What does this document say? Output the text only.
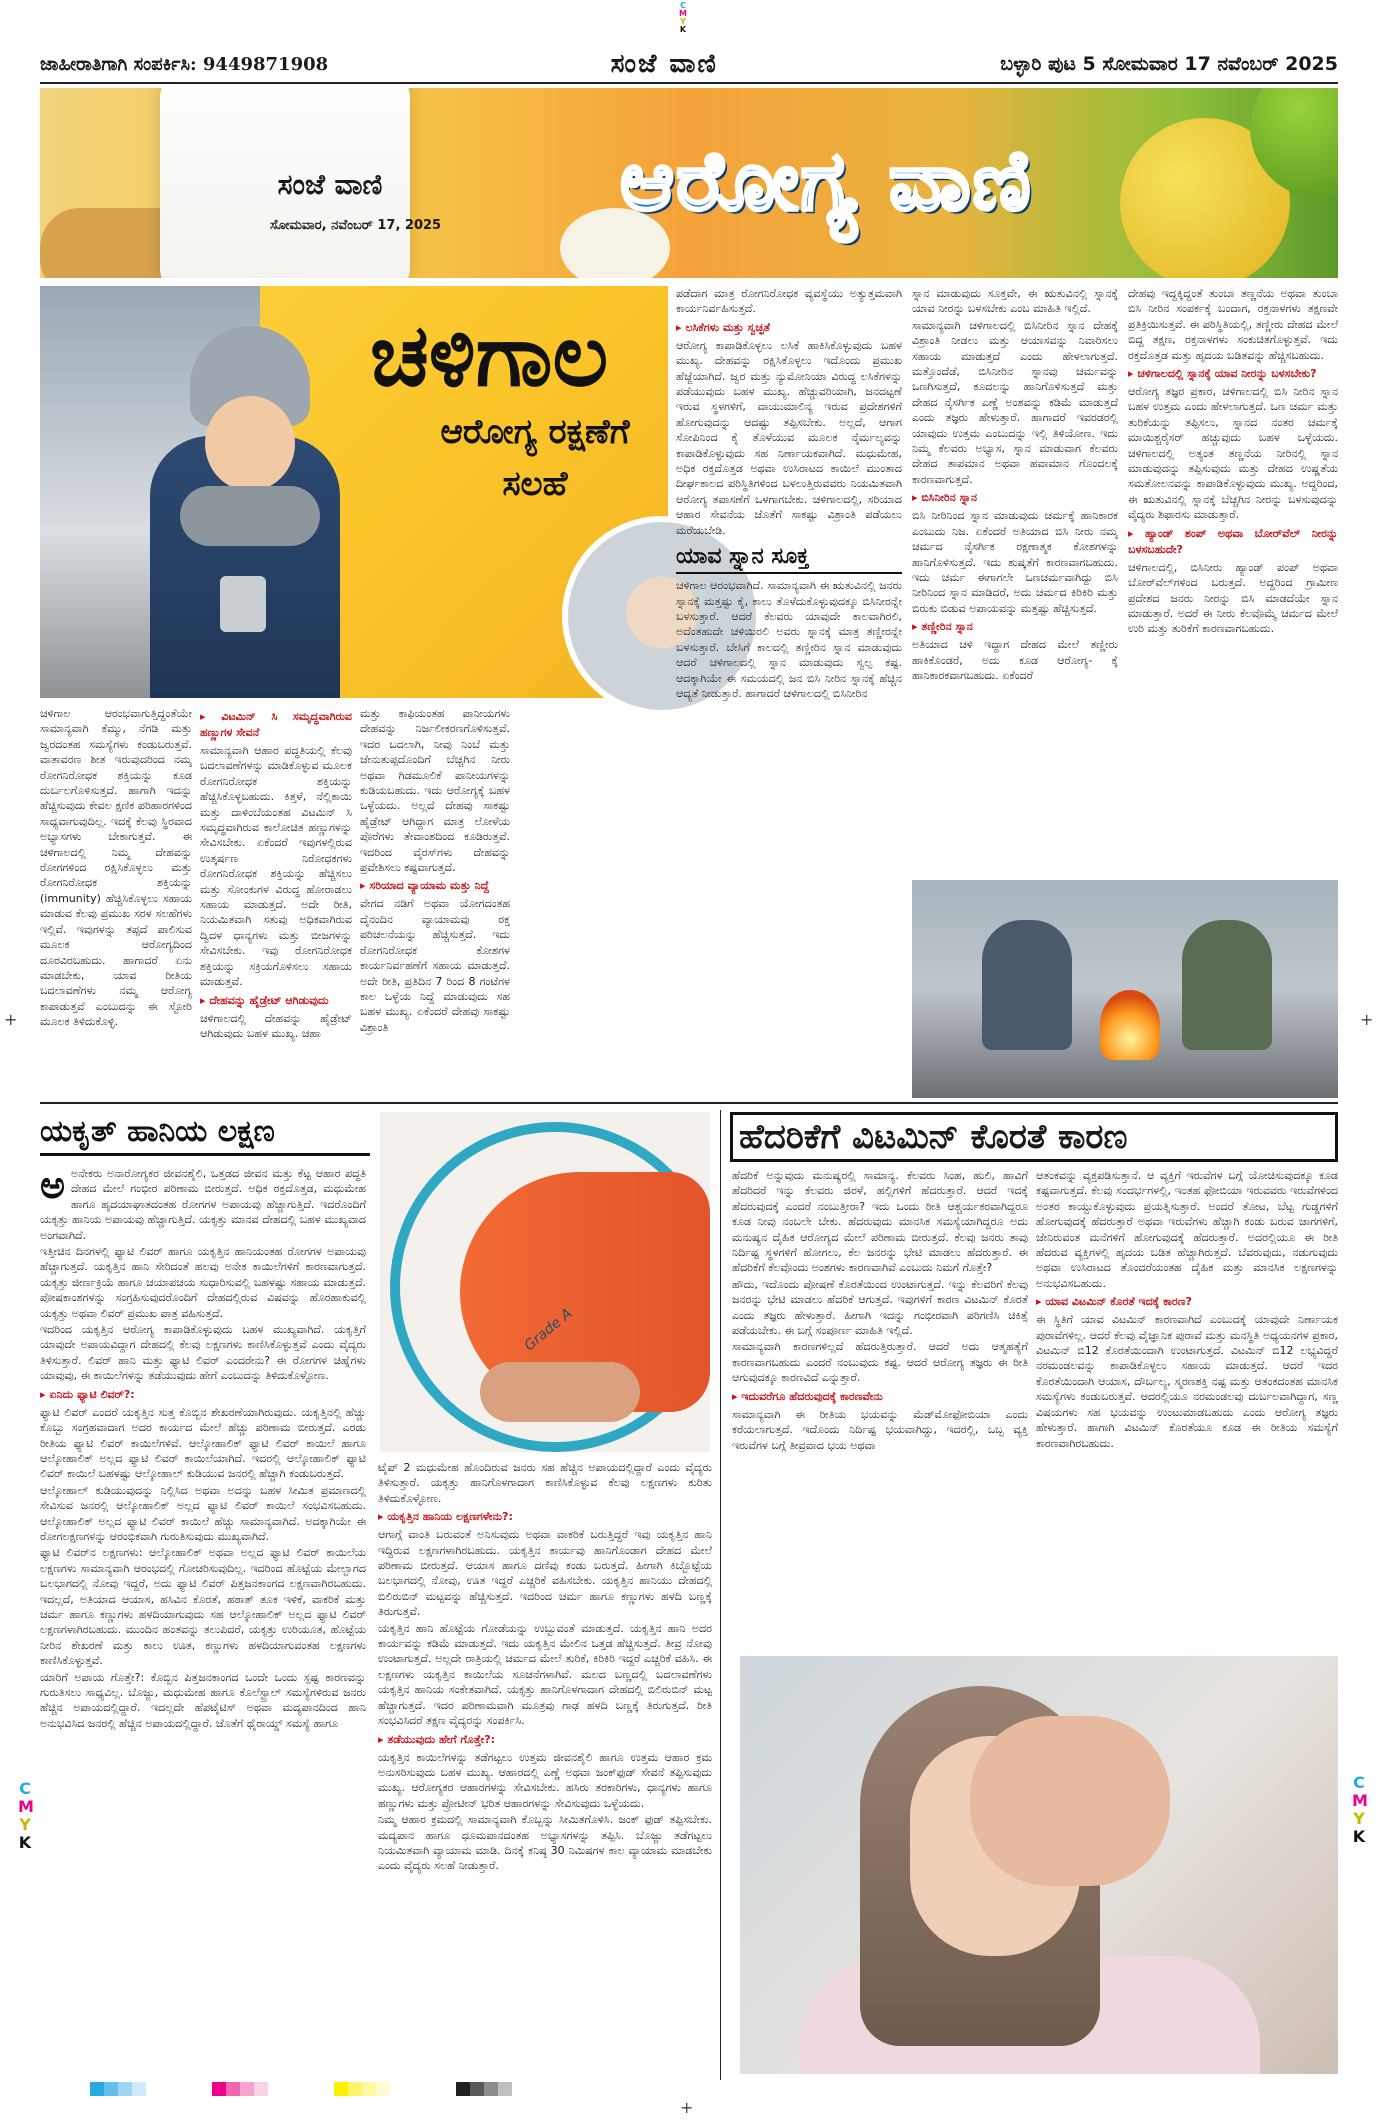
C
M
Y
K
C
M
Y
K
C
M
Y
K
+	+
+
ಜಾಹೀರಾತಿಗಾಗಿ ಸಂಪರ್ಕಿಸಿ: 9449871908	ಸಂಜೆ ವಾಣಿ	ಬಳ್ಳಾರಿ ಪುಟ 5 ಸೋಮವಾರ 17 ನವೆಂಬರ್ 2025
ಸಂಜೆ ವಾಣಿ
ಸೋಮವಾರ, ನವೆಂಬರ್ 17, 2025 ಆರೋಗ್ಯ ವಾಣಿ
ಚಳಿಗಾಲ
ಆರೋಗ್ಯ ರಕ್ಷಣೆಗೆ ಸಲಹೆ

ಚಳಿಗಾಲ ಆರಂಭವಾಗುತ್ತಿದ್ದಂತೆಯೇ ಸಾಮಾನ್ಯವಾಗಿ ಕೆಮ್ಮು, ನೆಗಡಿ ಮತ್ತು ಜ್ವರದಂತಹ ಸಮಸ್ಯೆಗಳು ಕಂಡುಬರುತ್ತವೆ. ವಾತಾವರಣ ಶೀತ ಇರುವುದರಿಂದ ನಮ್ಮ ರೋಗನಿರೋಧಕ ಶಕ್ತಿಯನ್ನು ಕೂಡ ದುರ್ಬಲಗೊಳಿಸುತ್ತದೆ. ಹಾಗಾಗಿ ಇದನ್ನು ಹೆಚ್ಚಿಸುವುದು ಕೇವಲ ಕ್ಷಣಿಕ ಪರಿಹಾರಗಳಿಂದ ಸಾಧ್ಯವಾಗುವುದಿಲ್ಲ. ಇದಕ್ಕೆ ಕೆಲವು ಸ್ಥಿರವಾದ ಅಭ್ಯಾಸಗಳು ಬೇಕಾಗುತ್ತವೆ. ಈ ಚಳಿಗಾಲದಲ್ಲಿ ನಿಮ್ಮ ದೇಹವನ್ನು ರೋಗಗಳಿಂದ ರಕ್ಷಿಸಿಕೊಳ್ಳಲು ಮತ್ತು ರೋಗನಿರೋಧಕ ಶಕ್ತಿಯನ್ನು (immunity) ಹೆಚ್ಚಿಸಿಕೊಳ್ಳಲು ಸಹಾಯ ಮಾಡುವ ಕೆಲವು ಪ್ರಮುಖ ಸರಳ ಸಲಹೆಗಳು ಇಲ್ಲಿವೆ. ಇವುಗಳನ್ನು ತಪ್ಪದೆ ಪಾಲಿಸುವ ಮೂಲಕ ಆರೋಗ್ಯದಿಂದ ದೂರವಿರಬಹುದು. ಹಾಗಾದರೆ ಏನು ಮಾಡಬೇಕು, ಯಾವ ರೀತಿಯ ಬದಲಾವಣೆಗಳು ನಮ್ಮ ಆರೋಗ್ಯ ಕಾಪಾಡುತ್ತವೆ ಎಂಬುದನ್ನು ಈ ಸ್ಟೋರಿ ಮೂಲಕ ತಿಳಿದುಕೊಳ್ಳಿ.

▸ ವಿಟಮಿನ್ ಸಿ ಸಮೃದ್ಧವಾಗಿರುವ ಹಣ್ಣುಗಳ ಸೇವನೆ

ಸಾಮಾನ್ಯವಾಗಿ ಆಹಾರ ಪದ್ಧತಿಯಲ್ಲಿ ಕೆಲವು ಬದಲಾವಣೆಗಳನ್ನು ಮಾಡಿಕೊಳ್ಳುವ ಮೂಲಕ ರೋಗನಿರೋಧಕ ಶಕ್ತಿಯನ್ನು ಹೆಚ್ಚಿಸಿಕೊಳ್ಳಬಹುದು. ಕಿತ್ತಳೆ, ನೆಲ್ಲಿಕಾಯಿ ಮತ್ತು ದಾಳಿಂಬೆಯಂತಹ ವಿಟಮಿನ್ ಸಿ ಸಮೃದ್ಧವಾಗಿರುವ ಕಾಲೋಚಿತ ಹಣ್ಣುಗಳನ್ನು ಸೇವಿಸಬೇಕು. ಏಕೆಂದರೆ ಇವುಗಳಲ್ಲಿರುವ ಉತ್ಕರ್ಷಣ ನಿರೋಧಕಗಳು ರೋಗನಿರೋಧಕ ಶಕ್ತಿಯನ್ನು ಹೆಚ್ಚಿಸಲು ಮತ್ತು ಸೋಂಕುಗಳ ವಿರುದ್ಧ ಹೋರಾಡಲು ಸಹಾಯ ಮಾಡುತ್ತದೆ. ಅದೇ ರೀತಿ, ನಿಯಮಿತವಾಗಿ ಸತುವು ಅಧಿಕವಾಗಿರುವ ದ್ವಿದಳ ಧಾನ್ಯಗಳು ಮತ್ತು ಬೀಜಗಳನ್ನು ಸೇವಿಸಬೇಕು. ಇವು ರೋಗನಿರೋಧಕ ಶಕ್ತಿಯನ್ನು ಸಕ್ರಿಯಗೊಳಿಸಲು ಸಹಾಯ ಮಾಡುತ್ತವೆ.

▸ ದೇಹವನ್ನು ಹೈಡ್ರೇಟ್ ಆಗಿಡುವುದು

ಚಳಿಗಾಲದಲ್ಲಿ ದೇಹವನ್ನು ಹೈಡ್ರೇಟ್ ಆಗಿಡುವುದು ಬಹಳ ಮುಖ್ಯ. ಚಹಾ

ಮತ್ತು ಕಾಫಿಯಂತಹ ಪಾನೀಯಗಳು ದೇಹವನ್ನು ನಿರ್ಜಲೀಕರಣಗೊಳಿಸುತ್ತವೆ. ಇದರ ಬದಲಾಗಿ, ನೀವು ನಿಂಬೆ ಮತ್ತು ಜೇನುತುಪ್ಪದೊಂದಿಗೆ ಬೆಚ್ಚಗಿನ ನೀರು ಅಥವಾ ಗಿಡಮೂಲಿಕೆ ಪಾನೀಯಗಳನ್ನು ಕುಡಿಯಬಹುದು. ಇದು ಆರೋಗ್ಯಕ್ಕೆ ಬಹಳ ಒಳ್ಳೆಯದು. ಅಲ್ಲದೆ ದೇಹವು ಸಾಕಷ್ಟು ಹೈಡ್ರೇಟ್ ಆಗಿದ್ದಾಗ ಮಾತ್ರ ಲೋಳೆಯ ಪೊರೆಗಳು ತೇವಾಂಶದಿಂದ ಕೂಡಿರುತ್ತವೆ. ಇದರಿಂದ ವೈರಸ್‌ಗಳು ದೇಹವನ್ನು ಪ್ರವೇಶಿಸಲು ಕಷ್ಟವಾಗುತ್ತದೆ.

▸ ಸರಿಯಾದ ವ್ಯಾಯಾಮ ಮತ್ತು ನಿದ್ದೆ

ವೇಗದ ನಡಿಗೆ ಅಥವಾ ಯೋಗದಂತಹ ದೈನಂದಿನ ವ್ಯಾಯಾಮವು ರಕ್ತ ಪರಿಚಲನೆಯನ್ನು ಹೆಚ್ಚಿಸುತ್ತದೆ. ಇದು ರೋಗನಿರೋಧಕ ಕೋಶಗಳ ಕಾರ್ಯನಿರ್ವಹಣೆಗೆ ಸಹಾಯ ಮಾಡುತ್ತದೆ. ಅದೇ ರೀತಿ, ಪ್ರತಿದಿನ 7 ರಿಂದ 8 ಗಂಟೆಗಳ ಕಾಲ ಒಳ್ಳೆಯ ನಿದ್ದೆ ಮಾಡುವುದು ಸಹ ಬಹಳ ಮುಖ್ಯ. ಏಕೆಂದರೆ ದೇಹವು ಸಾಕಷ್ಟು ವಿಶ್ರಾಂತಿ

ಪಡೆದಾಗ ಮಾತ್ರ ರೋಗನಿರೋಧಕ ವ್ಯವಸ್ಥೆಯು ಅತ್ಯುತ್ತಮವಾಗಿ ಕಾರ್ಯನಿರ್ವಹಿಸುತ್ತದೆ.

▸ ಲಸಿಕೆಗಳು ಮತ್ತು ಸ್ವಚ್ಛತೆ

ಆರೋಗ್ಯ ಕಾಪಾಡಿಕೊಳ್ಳಲು ಲಸಿಕೆ ಹಾಕಿಸಿಕೊಳ್ಳುವುದು ಬಹಳ ಮುಖ್ಯ. ದೇಹವನ್ನು ರಕ್ಷಿಸಿಕೊಳ್ಳಲು ಇದೊಂದು ಪ್ರಮುಖ ಹೆಜ್ಜೆಯಾಗಿದೆ. ಜ್ವರ ಮತ್ತು ನ್ಯುಮೋನಿಯಾ ವಿರುದ್ಧ ಲಸಿಕೆಗಳನ್ನು ಪಡೆಯುವುದು ಬಹಳ ಮುಖ್ಯ. ಹೆಚ್ಚುವರಿಯಾಗಿ, ಜನದಟ್ಟಣೆ ಇರುವ ಸ್ಥಳಗಳಿಗೆ, ವಾಯುಮಾಲಿನ್ಯ ಇರುವ ಪ್ರದೇಶಗಳಿಗೆ ಹೋಗುವುದನ್ನು ಆದಷ್ಟು ತಪ್ಪಿಸಬೇಕು. ಅಲ್ಲದೆ, ಆಗಾಗ ಸೋಪಿನಿಂದ ಕೈ ತೊಳೆಯುವ ಮೂಲಕ ನೈರ್ಮಲ್ಯವನ್ನು ಕಾಪಾಡಿಕೊಳ್ಳುವುದು ಸಹ ನಿರ್ಣಾಯಕವಾಗಿದೆ. ಮಧುಮೇಹ, ಅಧಿಕ ರಕ್ತದೊತ್ತಡ ಅಥವಾ ಉಸಿರಾಟದ ಕಾಯಿಲೆ ಮುಂತಾದ ದೀರ್ಘಕಾಲದ ಪರಿಸ್ಥಿತಿಗಳಿಂದ ಬಳಲುತ್ತಿರುವವರು ನಿಯಮಿತವಾಗಿ ಆರೋಗ್ಯ ತಪಾಸಣೆಗೆ ಒಳಗಾಗಬೇಕು. ಚಳಿಗಾಲದಲ್ಲಿ, ಸರಿಯಾದ ಆಹಾರ ಸೇವನೆಯ ಜೊತೆಗೆ ಸಾಕಷ್ಟು ವಿಶ್ರಾಂತಿ ಪಡೆಯಲು ಮರೆಯಬೇಡಿ.

ಯಾವ ಸ್ನಾನ ಸೂಕ್ತ

ಚಳಿಗಾಲ ಆರಂಭವಾಗಿದೆ. ಸಾಮಾನ್ಯವಾಗಿ ಈ ಋತುವಿನಲ್ಲಿ ಜನರು ಸ್ನಾನಕ್ಕೆ ಮತ್ತಷ್ಟು ಕೈ, ಕಾಲು ತೊಳೆದುಕೊಳ್ಳುವುದಕ್ಕೂ ಬಿಸಿನೀರನ್ನೇ ಬಳಸುತ್ತಾರೆ. ಆದರೆ ಕೆಲವರು ಯಾವುದೇ ಕಾಲವಾಗಿರಲಿ, ಅದೆಂತಹುದೇ ಚಳಿಯಿರಲಿ ಅವರು ಸ್ನಾನಕ್ಕೆ ಮಾತ್ರ ತಣ್ಣೀರನ್ನೇ ಬಳಸುತ್ತಾರೆ. ಬೇಸಿಗೆ ಕಾಲದಲ್ಲಿ ತಣ್ಣೀರಿನ ಸ್ನಾನ ಮಾಡುವುದು ಆದರೆ ಚಳಿಗಾಲದಲ್ಲಿ ಸ್ನಾನ ಮಾಡುವುದು ಸ್ವಲ್ಪ ಕಷ್ಟ. ಆದಕ್ಕಾಗಿಯೇ ಈ ಸಮಯದಲ್ಲಿ ಜನ ಬಿಸಿ ನೀರಿನ ಸ್ನಾನಕ್ಕೆ ಹೆಚ್ಚಿನ ಆದ್ಯತೆ ನೀಡುತ್ತಾರೆ. ಹಾಗಾದರೆ ಚಳಿಗಾಲದಲ್ಲಿ ಬಿಸಿನೀರಿನ

ಸ್ನಾನ ಮಾಡುವುದು ಸೂಕ್ತವೇ, ಈ ಋತುವಿನಲ್ಲಿ ಸ್ನಾನಕ್ಕೆ ಯಾವ ನೀರನ್ನು ಬಳಸಬೇಕು ಎಂಬ ಮಾಹಿತಿ ಇಲ್ಲಿದೆ.

ಸಾಮಾನ್ಯವಾಗಿ ಚಳಿಗಾಲದಲ್ಲಿ ಬಿಸಿನೀರಿನ ಸ್ನಾನ ದೇಹಕ್ಕೆ ವಿಶ್ರಾಂತಿ ನೀಡಲು ಮತ್ತು ಆಯಾಸವನ್ನು ನಿವಾರಿಸಲು ಸಹಾಯ ಮಾಡುತ್ತದೆ ಎಂದು ಹೇಳಲಾಗುತ್ತದೆ. ಮತ್ತೊಂದೆಡೆ, ಬಿಸಿನೀರಿನ ಸ್ನಾನವು ಚರ್ಮವನ್ನು ಒಣಗಿಸುತ್ತದೆ, ಕೂದಲನ್ನು ಹಾನಿಗೊಳಿಸುತ್ತದೆ ಮತ್ತು ದೇಹದ ನೈಸರ್ಗಿಕ ಎಣ್ಣೆ ಅಂಶವನ್ನು ಕಡಿಮೆ ಮಾಡುತ್ತದೆ ಎಂದು ತಜ್ಞರು ಹೇಳುತ್ತಾರೆ. ಹಾಗಾದರೆ ಇವರಡರಲ್ಲಿ ಯಾವುದು ಉತ್ತಮ ಎಂಬುದನ್ನು ಇಲ್ಲಿ ತಿಳಿಯೋಣ. ಇದು ನಿಮ್ಮ ಕೆಲವರು ಅಭ್ಯಾಸ, ಸ್ನಾನ ಮಾಡುವಾಗ ಕೆಲವರು ದೇಹದ ತಾಪಮಾನ ಅಥವಾ ಹವಾಮಾನ ಗೊಂದಲಕ್ಕೆ ಕಾರಣವಾಗುತ್ತದೆ.

▸ ಬಿಸಿನೀರಿನ ಸ್ನಾನ

ಬಿಸಿ ನೀರಿನಿಂದ ಸ್ನಾನ ಮಾಡುವುದು ಚರ್ಮಕ್ಕೆ ಹಾನಿಕಾರಕ ಎಂಬುದು ನಿಜ. ಏಕೆಂದರೆ ಅತಿಯಾದ ಬಿಸಿ ನೀರು ನಮ್ಮ ಚರ್ಮದ ನೈಸರ್ಗಿಕ ರಕ್ಷಣಾತ್ಮಕ ಕೋಶಗಳನ್ನು ಹಾನಿಗೊಳಿಸುತ್ತದೆ. ಇದು ಶುಷ್ಕತೆಗೆ ಕಾರಣವಾಗಬಹುದು. ಇದು ಚರ್ಮ ಈಗಾಗಲೇ ಒಣಚರ್ಮವಾಗಿದ್ದು ಬಿಸಿ ನೀರಿನಿಂದ ಸ್ನಾನ ಮಾಡಿದರೆ, ಅದು ಚರ್ಮದ ಕಿರಿಕಿರಿ ಮತ್ತು ಬಿರುಕು ಬಿಡುವ ಅಪಾಯವನ್ನು ಮತ್ತಷ್ಟು ಹೆಚ್ಚಿಸುತ್ತದೆ.

▸ ತಣ್ಣೀರಿನ ಸ್ನಾನ

ಅತಿಯಾದ ಚಳಿ ಇದ್ದಾಗ ದೇಹದ ಮೇಲೆ ತಣ್ಣೀರು ಹಾಕಿಕೊಂಡರೆ, ಅದು ಕೂಡ ಆರೋಗ್ಯ- ಕ್ಕೆ ಹಾನಿಕಾರಕವಾಗಬಹುದು. ಏಕೆಂದರೆ

ದೇಹವು ಇದ್ದಕ್ಕಿದ್ದಂತೆ ತುಂಬಾ ತಣ್ಣನೆಯ ಅಥವಾ ತುಂಬಾ ಬಿಸಿ ನೀರಿನ ಸಂಪರ್ಕಕ್ಕೆ ಬಂದಾಗ, ರಕ್ತನಾಳಗಳು ತಕ್ಷಣವೇ ಪ್ರತಿಕ್ರಿಯಿಸುತ್ತವೆ. ಈ ಪರಿಸ್ಥಿತಿಯಲ್ಲಿ, ತಣ್ಣೀರು ದೇಹದ ಮೇಲೆ ಬಿದ್ದ ತಕ್ಷಣ, ರಕ್ತನಾಳಗಳು ಸಂಕುಚಿತಗೊಳ್ಳುತ್ತವೆ. ಇದು ರಕ್ತದೊತ್ತಡ ಮತ್ತು ಹೃದಯ ಬಡಿತವನ್ನು ಹೆಚ್ಚಿಸಬಹುದು.

▸ ಚಳಿಗಾಲದಲ್ಲಿ ಸ್ನಾನಕ್ಕೆ ಯಾವ ನೀರನ್ನು ಬಳಸಬೇಕು?

ಆರೋಗ್ಯ ತಜ್ಞರ ಪ್ರಕಾರ, ಚಳಿಗಾಲದಲ್ಲಿ ಬಿಸಿ ನೀರಿನ ಸ್ನಾನ ಬಹಳ ಉತ್ತಮ ಎಂದು ಹೇಳಲಾಗುತ್ತದೆ. ಒಣ ಚರ್ಮ ಮತ್ತು ತುರಿಕೆಯನ್ನು ತಪ್ಪಿಸಲು, ಸ್ನಾನದ ನಂತರ ಚರ್ಮಕ್ಕೆ ಮಾಯಿಶ್ಚರೈಸರ್ ಹಚ್ಚುವುದು ಬಹಳ ಒಳ್ಳೆಯದು. ಚಳಿಗಾಲದಲ್ಲಿ ಅತ್ಯಂತ ತಣ್ಣನೆಯ ನೀರಿನಲ್ಲಿ ಸ್ನಾನ ಮಾಡುವುದನ್ನು ತಪ್ಪಿಸುವುದು ಮತ್ತು ದೇಹದ ಉಷ್ಣತೆಯ ಸಮತೋಲನವನ್ನು ಕಾಪಾಡಿಕೊಳ್ಳುವುದು ಮುಖ್ಯ. ಅದ್ದರಿಂದ, ಈ ಋತುವಿನಲ್ಲಿ ಸ್ನಾನಕ್ಕೆ ಬೆಚ್ಚಗಿನ ನೀರನ್ನು ಬಳಸುವುದನ್ನು ವೈದ್ಯರು ಶಿಫಾರಸು ಮಾಡುತ್ತಾರೆ.

▸ ಹ್ಯಾಂಡ್ ಶಂಪ್ ಅಥವಾ ಬೋರ್‌ವೆಲ್ ನೀರನ್ನು ಬಳಸಬಹುದೇ?

ಚಳಿಗಾಲದಲ್ಲಿ, ಬಿಸಿನೀರು ಹ್ಯಾಂಡ್ ಪಂಪ್ ಅಥವಾ ಬೋರ್‌ವೆಲ್‌ಗಳಿಂದ ಬರುತ್ತದೆ. ಅದ್ದರಿಂದ ಗ್ರಾಮೀಣ ಪ್ರದೇಶದ ಜನರು ನೀರನ್ನು ಬಿಸಿ ಮಾಡದೆಯೇ ಸ್ನಾನ ಮಾಡುತ್ತಾರೆ. ಅದರೆ ಈ ನೀರು ಕೆಲವೊಮ್ಮೆ ಚರ್ಮದ ಮೇಲೆ ಉರಿ ಮತ್ತು ತುರಿಕೆಗೆ ಕಾರಣವಾಗಬಹುದು.

ಯಕೃತ್ ಹಾನಿಯ ಲಕ್ಷಣ
Grade A

ಅಅನೇಕರು ಅನಾರೋಗ್ಯಕರ ಜೀವನಶೈಲಿ, ಒತ್ತಡದ ಜೀವನ ಮತ್ತು ಕೆಟ್ಟ ಆಹಾರ ಪದ್ಧತಿ ದೇಹದ ಮೇಲೆ ಗಂಭೀರ ಪರಿಣಾಮ ಬೀರುತ್ತದೆ. ಅಧಿಕ ರಕ್ತದೊತ್ತಡ, ಮಧುಮೇಹ ಹಾಗೂ ಹೃದಯಾಘಾತದಂತಹ ರೋಗಗಳ ಅಪಾಯವು ಹೆಚ್ಚಾಗುತ್ತಿದೆ. ಇದರೊಂದಿಗೆ ಯಕೃತ್ತು ಹಾನಿಯ ಅಪಾಯವು ಹೆಚ್ಚಾಗುತ್ತಿದೆ. ಯಕೃತ್ತು ಮಾನವ ದೇಹದಲ್ಲಿ ಬಹಳ ಮುಖ್ಯವಾದ ಅಂಗವಾಗಿದೆ.

ಇತ್ತೀಚಿನ ದಿನಗಳಲ್ಲಿ ಫ್ಯಾಟಿ ಲಿವರ್ ಹಾಗೂ ಯಕೃತ್ತಿನ ಹಾನಿಯಂತಹ ರೋಗಗಳ ಅಪಾಯವು ಹೆಚ್ಚಾಗುತ್ತದೆ. ಯಕೃತ್ತಿನ ಹಾನಿ ಸೇರಿದಂತೆ ಹಲವು ಅನೇಕ ಕಾಯಿಲೆಗಳಿಗೆ ಕಾರಣವಾಗುತ್ತದೆ. ಯಕೃತ್ತು ಜೀರ್ಣಕ್ರಿಯೆ ಹಾಗೂ ಚಯಾಪಚಯ ಸುಧಾರಿಸುವಲ್ಲಿ ಬಹಳಷ್ಟು ಸಹಾಯ ಮಾಡುತ್ತದೆ. ಪೋಷಕಾಂಶಗಳನ್ನು ಸಂಗ್ರಹಿಸುವುದರೊಂದಿಗೆ ದೇಹದಲ್ಲಿರುವ ವಿಷವನ್ನು ಹೊರಹಾಕುವಲ್ಲಿ ಯಕೃತ್ತು ಅಥವಾ ಲಿವರ್ ಪ್ರಮುಖ ಪಾತ್ರ ವಹಿಸುತ್ತದೆ.

ಇದರಿಂದ ಯಕೃತ್ತಿನ ಆರೋಗ್ಯ ಕಾಪಾಡಿಕೊಳ್ಳುವುದು ಬಹಳ ಮುಖ್ಯವಾಗಿದೆ. ಯಕೃತ್ತಿಗೆ ಯಾವುದೇ ಅಪಾಯವಿದ್ದಾಗ ದೇಹದಲ್ಲಿ ಕೆಲವು ಲಕ್ಷಣಗಳು ಕಾಣಿಸಿಕೊಳ್ಳುತ್ತವೆ ಎಂದು ವೈದ್ಯರು ತಿಳಿಸುತ್ತಾರೆ. ಲಿವರ್ ಹಾನಿ ಮತ್ತು ಫ್ಯಾಟಿ ಲಿವರ್ ಎಂದರೇನು? ಈ ರೋಗಗಳ ಚಿಹ್ನೆಗಳು ಯಾವುವು, ಈ ಕಾಯಿಲೆಗಳನ್ನು ತಡೆಯುವುದು ಹೇಗೆ ಎಂಬುದನ್ನು ತಿಳಿದುಕೊಳ್ಳೋಣ.

▸ ಏನಿದು ಫ್ಯಾಟಿ ಲಿವರ್?:

ಫ್ಯಾಟಿ ಲಿವರ್ ಎಂದರೆ ಯಕೃತ್ತಿನ ಸುತ್ತ ಕೊಬ್ಬಿನ ಶೇಖರಣೆಯಾಗಿರುವುದು. ಯಕೃತ್ತಿನಲ್ಲಿ ಹೆಚ್ಚು ಕೊಬ್ಬು ಸಂಗ್ರಹವಾದಾಗ ಅದರ ಕಾರ್ಯದ ಮೇಲೆ ಹೆಚ್ಚು ಪರಿಣಾಮ ಬೀರುತ್ತದೆ. ಎರಡು ರೀತಿಯ ಫ್ಯಾಟಿ ಲಿವರ್ ಕಾಯಿಲೆಗಳಿವೆ. ಆಲ್ಕೋಹಾಲಿಕ್ ಫ್ಯಾಟಿ ಲಿವರ್ ಕಾಯಿಲೆ ಹಾಗೂ ಆಲ್ಕೋಹಾಲಿಕ್ ಅಲ್ಲದ ಫ್ಯಾಟಿ ಲಿವರ್ ಕಾಯಿಲೆಯಾಗಿದೆ. ಇದರಲ್ಲಿ ಆಲ್ಕೋಹಾಲಿಕ್ ಫ್ಯಾಟಿ ಲಿವರ್ ಕಾಯಿಲೆ ಬಹಳಷ್ಟು ಆಲ್ಕೋಹಾಲ್ ಕುಡಿಯುವ ಜನರಲ್ಲಿ ಹೆಚ್ಚಾಗಿ ಕಂಡುಬರುತ್ತದೆ.

ಆಲ್ಕೋಹಾಲ್ ಕುಡಿಯುವುದನ್ನು ನಿಲ್ಲಿಸಿದ ಅಥವಾ ಅದನ್ನು ಬಹಳ ಸೀಮಿತ ಪ್ರಮಾಣದಲ್ಲಿ ಸೇವಿಸುವ ಜನರಲ್ಲಿ ಆಲ್ಕೋಹಾಲಿಕ್ ಅಲ್ಲದ ಫ್ಯಾಟಿ ಲಿವರ್ ಕಾಯಿಲೆ ಸಂಭವಿಸಬಹುದು. ಆಲ್ಕೋಹಾಲಿಕ್ ಅಲ್ಲದ ಫ್ಯಾಟಿ ಲಿವರ್ ಕಾಯಿಲೆ ಹೆಚ್ಚು ಸಾಮಾನ್ಯವಾಗಿದೆ. ಅದಕ್ಕಾಗಿಯೇ ಈ ರೋಗಲಕ್ಷಣಗಳನ್ನು ಆರಂಭಿಕವಾಗಿ ಗುರುತಿಸುವುದು ಮುಖ್ಯವಾಗಿದೆ.

ಫ್ಯಾಟಿ ಲಿವರ್‌ನ ಲಕ್ಷಣಗಳು: ಆಲ್ಕೋಹಾಲಿಕ್ ಅಥವಾ ಅಲ್ಲದ ಫ್ಯಾಟಿ ಲಿವರ್ ಕಾಯಿಲೆಯ ಲಕ್ಷಣಗಳು ಸಾಮಾನ್ಯವಾಗಿ ಆರಂಭದಲ್ಲಿ ಗೋಚರಿಸುವುದಿಲ್ಲ. ಇದರಿಂದ ಹೊಟ್ಟೆಯ ಮೇಲ್ಭಾಗದ ಬಲಭಾಗದಲ್ಲಿ ನೋವು ಇದ್ದರೆ, ಅದು ಫ್ಯಾಟಿ ಲಿವರ್ ಪಿತ್ತಜನಕಾಂಗದ ಲಕ್ಷಣವಾಗಿರಬಹುದು. ಇದಲ್ಲದೆ, ಅತಿಯಾದ ಆಯಾಸ, ಹಸಿವಿನ ಕೊರತೆ, ಹಠಾತ್ ತೂಕ ಇಳಿಕೆ, ವಾಕರಿಕೆ ಮತ್ತು ಚರ್ಮ ಹಾಗೂ ಕಣ್ಣುಗಳು ಹಳದಿಯಾಗುವುದು ಸಹ ಆಲ್ಕೋಹಾಲಿಕ್ ಅಲ್ಲದ ಫ್ಯಾಟಿ ಲಿವರ್ ಲಕ್ಷಣಗಳಾಗಿರಬಹುದು. ಮುಂದಿನ ಹಂತವನ್ನು ತಲುಪಿದರೆ, ಯಕೃತ್ತು ಉರಿಯೂತ, ಹೊಟ್ಟೆಯ ನೀರಿನ ಶೇಖರಣೆ ಮತ್ತು ಕಾಲು ಊತ, ಕಣ್ಣುಗಳು ಹಳದಿಯಾಗುವಂತಹ ಲಕ್ಷಣಗಳು ಕಾಣಿಸಿಕೊಳ್ಳುತ್ತವೆ.

ಯಾರಿಗೆ ಅಪಾಯ ಗೊತ್ತೇ?: ಕೊಬ್ಬಿನ ಪಿತ್ತಜನಕಾಂಗದ ಒಂದೇ ಒಂದು ಸ್ಪಷ್ಟ ಕಾರಣವನ್ನು ಗುರುತಿಸಲು ಸಾಧ್ಯವಿಲ್ಲ. ಬೊಜ್ಜು, ಮಧುಮೇಹ ಹಾಗೂ ಕೊಲೆಸ್ಟ್ರಾಲ್ ಸಮಸ್ಯೆಗಳಿರುವ ಜನರು ಹೆಚ್ಚಿನ ಅಪಾಯದಲ್ಲಿದ್ದಾರೆ. ಇದಲ್ಲದೇ ಹೆಪಟೈಟಿಸ್ ಅಥವಾ ಮದ್ಯಪಾನದಿಂದ ಹಾನಿ ಅನುಭವಿಸಿದ ಜನರಲ್ಲಿ ಹೆಚ್ಚಿನ ಅಪಾಯದಲ್ಲಿದ್ದಾರೆ. ಜೊತೆಗೆ ಥೈರಾಯ್ಡ್ ಸಮಸ್ಯೆ ಹಾಗೂ

ಟೈಪ್ 2 ಮಧುಮೇಹ ಹೊಂದಿರುವ ಜನರು ಸಹ ಹೆಚ್ಚಿನ ಅಪಾಯದಲ್ಲಿದ್ದಾರೆ ಎಂದು ವೈದ್ಯರು ತಿಳಿಸುತ್ತಾರೆ. ಯಕೃತ್ತು ಹಾನಿಗೊಳಗಾದಾಗ ಕಾಣಿಸಿಕೊಳ್ಳುವ ಕೆಲವು ಲಕ್ಷಣಗಳು ಕುರಿತು ತಿಳಿದುಕೊಳ್ಳೋಣ.

▸ ಯಕೃತ್ತಿನ ಹಾನಿಯ ಲಕ್ಷಣಗಳೇನು?:

ಆಗಾಗ್ಗೆ ವಾಂತಿ ಬರುವಂತೆ ಅನಿಸುವುದು ಅಥವಾ ವಾಕರಿಕೆ ಬರುತ್ತಿದ್ದರೆ ಇವು ಯಕೃತ್ತಿನ ಹಾನಿ ಇದ್ದಿರುವ ಲಕ್ಷಣಗಳಾಗಿರಬಹುದು. ಯಕೃತ್ತಿನ ಕಾರ್ಯವು ಹಾನಿಗೊಂಡಾಗ ದೇಹದ ಮೇಲೆ ಪರಿಣಾಮ ಬೀರುತ್ತದೆ. ಆಯಾಸ ಹಾಗೂ ದಣಿವು ಕಂಡು ಬರುತ್ತದೆ. ಹೀಗಾಗಿ ಕಿಬ್ಬೊಟ್ಟೆಯ ಬಲಭಾಗದಲ್ಲಿ ನೋವು, ಊತ ಇದ್ದರೆ ಎಚ್ಚರಿಕೆ ವಹಿಸಬೇಕು. ಯಕೃತ್ತಿನ ಹಾನಿಯು ದೇಹದಲ್ಲಿ ಬಿಲಿರುಬಿನ್ ಮಟ್ಟವನ್ನು ಹೆಚ್ಚಿಸುತ್ತದೆ. ಇದರಿಂದ ಚರ್ಮ ಹಾಗೂ ಕಣ್ಣುಗಳು ಹಳದಿ ಬಣ್ಣಕ್ಕೆ ತಿರುಗುತ್ತವೆ.

ಯಕೃತ್ತಿನ ಹಾನಿ ಹೊಟ್ಟೆಯ ಗೋಡೆಯನ್ನು ಉಬ್ಬುವಂತೆ ಮಾಡುತ್ತದೆ. ಯಕೃತ್ತಿನ ಹಾನಿ ಅದರ ಕಾರ್ಯವನ್ನು ಕಡಿಮೆ ಮಾಡುತ್ತದೆ. ಇದು ಯಕೃತ್ತಿನ ಮೇಲಿನ ಒತ್ತಡ ಹೆಚ್ಚಿಸುತ್ತದೆ. ತೀವ್ರ ನೋವು ಉಂಟಾಗುತ್ತದೆ. ಅಲ್ಲದೇ ರಾತ್ರಿಯಲ್ಲಿ ಚರ್ಮದ ಮೇಲೆ ತುರಿಕೆ, ಕಿರಿಕಿರಿ ಇದ್ದರೆ ಎಚ್ಚರಿಕೆ ವಹಿಸಿ. ಈ ಲಕ್ಷಣಗಳು ಯಕೃತ್ತಿನ ಕಾಯಿಲೆಯ ಸೂಚನೆಗಳಾಗಿವೆ. ಮಲದ ಬಣ್ಣದಲ್ಲಿ ಬದಲಾವಣೆಗಳು ಯಕೃತ್ತಿನ ಹಾನಿಯ ಸಂಕೇತವಾಗಿದೆ. ಯಕೃತ್ತು ಹಾನಿಗೊಳಗಾದಾಗ ದೇಹದಲ್ಲಿ ಬಿಲಿರುಬಿನ್ ಮಟ್ಟ ಹೆಚ್ಚಾಗುತ್ತದೆ. ಇದರ ಪರಿಣಾಮವಾಗಿ ಮೂತ್ರವು ಗಾಢ ಹಳದಿ ಬಣ್ಣಕ್ಕೆ ತಿರುಗುತ್ತದೆ. ರೀತಿ ಸಂಭವಿಸಿದರೆ ತಕ್ಷಣ ವೈದ್ಯರನ್ನು ಸಂಪರ್ಕಿಸಿ.

▸ ತಡೆಯುವುದು ಹೇಗೆ ಗೊತ್ತೇ?:

ಯಕೃತ್ತಿನ ಕಾಯಿಲೆಗಳನ್ನು ತಡೆಗಟ್ಟಲು ಉತ್ತಮ ಜೀವನಶೈಲಿ ಹಾಗೂ ಉತ್ತಮ ಆಹಾರ ಕ್ರಮ ಅನುಸರಿಸುವುದು ಬಹಳ ಮುಖ್ಯ. ಆಹಾರದಲ್ಲಿ ಎಣ್ಣೆ ಅಥವಾ ಜಂಕ್‌ಫುಡ್ ಸೇವನೆ ತಪ್ಪಿಸುವುದು ಮುಖ್ಯ. ಆರೋಗ್ಯಕರ ಆಹಾರಗಳನ್ನು ಸೇವಿಸಬೇಕು. ಹಸಿರು ತರಕಾರಿಗಳು, ಧಾನ್ಯಗಳು ಹಾಗೂ ಹಣ್ಣುಗಳು ಮತ್ತು ಪ್ರೋಟೀನ್ ಭರಿತ ಆಹಾರಗಳನ್ನು ಸೇವಿಸುವುದು ಒಳ್ಳೆಯದು.

ನಿಮ್ಮ ಆಹಾರ ಕ್ರಮದಲ್ಲಿ ಸಾಮಾನ್ಯವಾಗಿ ಕೊಬ್ಬನ್ನು ಸೀಮಿತಗೊಳಿಸಿ. ಜಂಕ್ ಫುಡ್ ತಪ್ಪಿಸಬೇಕು. ಮದ್ಯಪಾನ ಹಾಗೂ ಧೂಮಪಾನದಂತಹ ಅಭ್ಯಾಸಗಳನ್ನು ತಪ್ಪಿಸಿ. ಬೊಜ್ಜು ತಡೆಗಟ್ಟಲು ನಿಯಮಿತವಾಗಿ ವ್ಯಾಯಾಮ ಮಾಡಿ. ದಿನಕ್ಕೆ ಕನಿಷ್ಠ 30 ನಿಮಿಷಗಳ ಕಾಲ ವ್ಯಾಯಾಮ ಮಾಡಬೇಕು ಎಂದು ವೈದ್ಯರು ಸಲಹೆ ನೀಡುತ್ತಾರೆ.

ಹೆದರಿಕೆಗೆ ವಿಟಮಿನ್ ಕೊರತೆ ಕಾರಣ

ಹೆದರಿಕೆ ಅನ್ನುವುದು ಮನುಷ್ಯರಲ್ಲಿ ಸಾಮಾನ್ಯ. ಕೆಲವರು ಸಿಂಹ, ಹುಲಿ, ಹಾವಿಗೆ ಹೆದರಿದರೆ ಇನ್ನು ಕೆಲವರು ಜಿರಳೆ, ಹಲ್ಲಿಗಳಿಗೆ ಹೆದರುತ್ತಾರೆ. ಆದರೆ ಇದಕ್ಕೆ ಹೆದರುವುದಕ್ಕೆ ಎಂದರೆ ನಂಬುತ್ತೀರಾ? ಇದು ಒಂದು ರೀತಿ ಆಶ್ಚರ್ಯಕರವಾಗಿದ್ದರೂ ಕೂಡ ನೀವು ನಂಬಲೇ ಬೇಕು. ಹೆದರುವುದು ಮಾನಸಿಕ ಸಮಸ್ಯೆಯಾಗಿದ್ದರೂ ಅದು ಮನುಷ್ಯನ ದೈಹಿಕ ಆರೋಗ್ಯದ ಮೇಲೆ ಪರಿಣಾಮ ಬೀರುತ್ತದೆ. ಕೆಲವು ಜನರು ತಾವು ನಿರ್ದಿಷ್ಟ ಸ್ಥಳಗಳಿಗೆ ಹೋಗಲು, ಕೆಲ ಜನರನ್ನು ಭೇಟಿ ಮಾಡಲು ಹೆದರುತ್ತಾರೆ. ಈ ಹೆದರಿಕೆಗೆ ಕೆಲವೊಂದು ಅಂಶಗಳು ಕಾರಣವಾಗಿವೆ ಎಂಬುದು ನಿಮಗೆ ಗೊತ್ತೇ?

ಹೌದು, ಇದೊಂದು ಪೋಷಣೆ ಕೊರತೆಯಿಂದ ಉಂಟಾಗುತ್ತದೆ. ಇನ್ನು ಕೆಲವರಿಗೆ ಕೆಲವು ಜನರನ್ನು ಭೇಟಿ ಮಾಡಲು ಹೆದರಿಕೆ ಆಗುತ್ತದೆ. ಇವುಗಳಿಗೆ ಕಾರಣ ವಿಟಮಿನ್ ಕೊರತೆ ಎಂದು ತಜ್ಞರು ಹೇಳುತ್ತಾರೆ. ಹೀಗಾಗಿ ಇದನ್ನು ಗಂಭೀರವಾಗಿ ಪರಿಗಣಿಸಿ ಚಿಕಿತ್ಸೆ ಪಡೆಯಬೇಕು. ಈ ಬಗ್ಗೆ ಸಂಪೂರ್ಣ ಮಾಹಿತಿ ಇಲ್ಲಿದೆ.

ಸಾಮಾನ್ಯವಾಗಿ ಕಾರಣಗಳಿಲ್ಲದೆ ಹೆದರುತ್ತಿರುತ್ತಾರೆ. ಆದರೆ ಅದು ಆತ್ಮಹತ್ಯೆಗೆ ಕಾರಣವಾಗಬಹುದು ಎಂದರೆ ನಂಬುವುದು ಕಷ್ಟ. ಆದರೆ ಆರೋಗ್ಯ ತಜ್ಞರು ಈ ರೀತಿ ಆಗುವುದಕ್ಕೂ ಕಾರಣವಿದೆ ಎನ್ನುತ್ತಾರೆ.

▸ ಇದುವರೆಗೂ ಹೆದರುವುದಕ್ಕೆ ಕಾರಣವೇನು

ಸಾಮಾನ್ಯವಾಗಿ ಈ ರೀತಿಯ ಭಯವನ್ನು ಮೆಡ್‌ಮೋಫೋಬಿಯಾ ಎಂದು ಕರೆಯಲಾಗುತ್ತದೆ. ಇದೊಂದು ನಿರ್ದಿಷ್ಟ ಭಯವಾಗಿದ್ದು, ಇದರಲ್ಲಿ, ಒಬ್ಬ ವ್ಯಕ್ತಿ ಇರುವೆಗಳ ಬಗ್ಗೆ ತೀವ್ರವಾದ ಭಯ ಅಥವಾ

ಆತಂಕವನ್ನು ವ್ಯಕ್ತಪಡಿಸುತ್ತಾನೆ. ಆ ವ್ಯಕ್ತಿಗೆ ಇರುವೆಗಳ ಬಗ್ಗೆ ಯೋಚಿಸುವುದಕ್ಕೂ ಕೂಡ ಕಷ್ಟವಾಗುತ್ತದೆ. ಕೆಲವು ಸಂದರ್ಭಗಳಲ್ಲಿ, ಇಂತಹ ಫೋಬಿಯಾ ಇರುವವರು ಇರುವೆಗಳಿಂದ ಅಂತರ ಕಾಯ್ದುಕೊಳ್ಳುವುದು ಪ್ರಯತ್ನಿಸುತ್ತಾರೆ. ಅಂದರೆ ತೋಟ, ಬೆಟ್ಟ ಗುಡ್ಡಗಳಿಗೆ ಹೋಗುವುದಕ್ಕೆ ಹೆದರುತ್ತಾರೆ ಅಥವಾ ಇರುವೆಗಳು ಹೆಚ್ಚಾಗಿ ಕಂಡು ಬರುವ ಜಾಗಗಳಿಗೆ, ಜೇನಿರುವಂತ ಮನೆಗಳಿಗೆ ಹೋಗುವುದಕ್ಕೆ ಹೆದರುತ್ತಾರೆ. ಅದರಲ್ಲಿಯೂ ಈ ರೀತಿ ಹೆದರುವ ವ್ಯಕ್ತಿಗಳಲ್ಲಿ ಹೃದಯ ಬಡಿತ ಹೆಚ್ಚಾಗಿರುತ್ತದೆ. ಬೆವರುವುದು, ನಡುಗುವುದು ಅಥವಾ ಉಸಿರಾಟದ ತೊಂದರೆಯಂತಹ ದೈಹಿಕ ಮತ್ತು ಮಾನಸಿಕ ಲಕ್ಷಣಗಳನ್ನು ಅನುಭವಿಸಬಹುದು.

▸ ಯಾವ ವಿಟಮಿನ್ ಕೊರತೆ ಇದಕ್ಕೆ ಕಾರಣ?

ಈ ಸ್ಥಿತಿಗೆ ಯಾವ ವಿಟಮಿನ್ ಕಾರಣವಾಗಿದೆ ಎಂಬುದಕ್ಕೆ ಯಾವುದೇ ನಿರ್ಣಾಯಕ ಪುರಾವೆಗಳಿಲ್ಲ. ಆದರೆ ಕೆಲವು ವೈಜ್ಞಾನಿಕ ಪುರಾವೆ ಮತ್ತು ಮನಸ್ಥಿತಿ ಅಧ್ಯಯನಗಳ ಪ್ರಕಾರ, ವಿಟಮಿನ್ ಬಿ12 ಕೊರತೆಯಿಂದಾಗಿ ಉಂಟಾಗುತ್ತದೆ. ವಿಟಮಿನ್ ಬಿ12 ಲಭ್ಯವಿದ್ದರೆ ನರಮಂಡಲವನ್ನು ಕಾಪಾಡಿಕೊಳ್ಳಲು ಸಹಾಯ ಮಾಡುತ್ತದೆ. ಆದರೆ ಇದರ ಕೊರತೆಯಿಂದಾಗಿ ಆಯಾಸ, ದೌರ್ಬಲ್ಯ, ಸ್ಮರಣಶಕ್ತಿ ನಷ್ಟ ಮತ್ತು ಆತಂಕದಂತಹ ಮಾನಸಿಕ ಸಮಸ್ಯೆಗಳು ಕಂಡುಬರುತ್ತವೆ. ಆದರಲ್ಲಿಯೂ ನರಮಂಡಲವು ದುರ್ಬಲವಾಗಿದ್ದಾಗ, ಸಣ್ಣ ವಿಷಯಗಳು ಸಹ ಭಯವನ್ನು ಉಂಟುಮಾಡಬಹುದು ಎಂದು ಆರೋಗ್ಯ ತಜ್ಞರು ಹೇಳುತ್ತಾರೆ. ಹಾಗಾಗಿ ವಿಟಮಿನ್ ಕೊರತೆಯೂ ಕೂಡ ಈ ರೀತಿಯ ಸಮಸ್ಯೆಗೆ ಕಾರಣವಾಗಿರಬಹುದು.
